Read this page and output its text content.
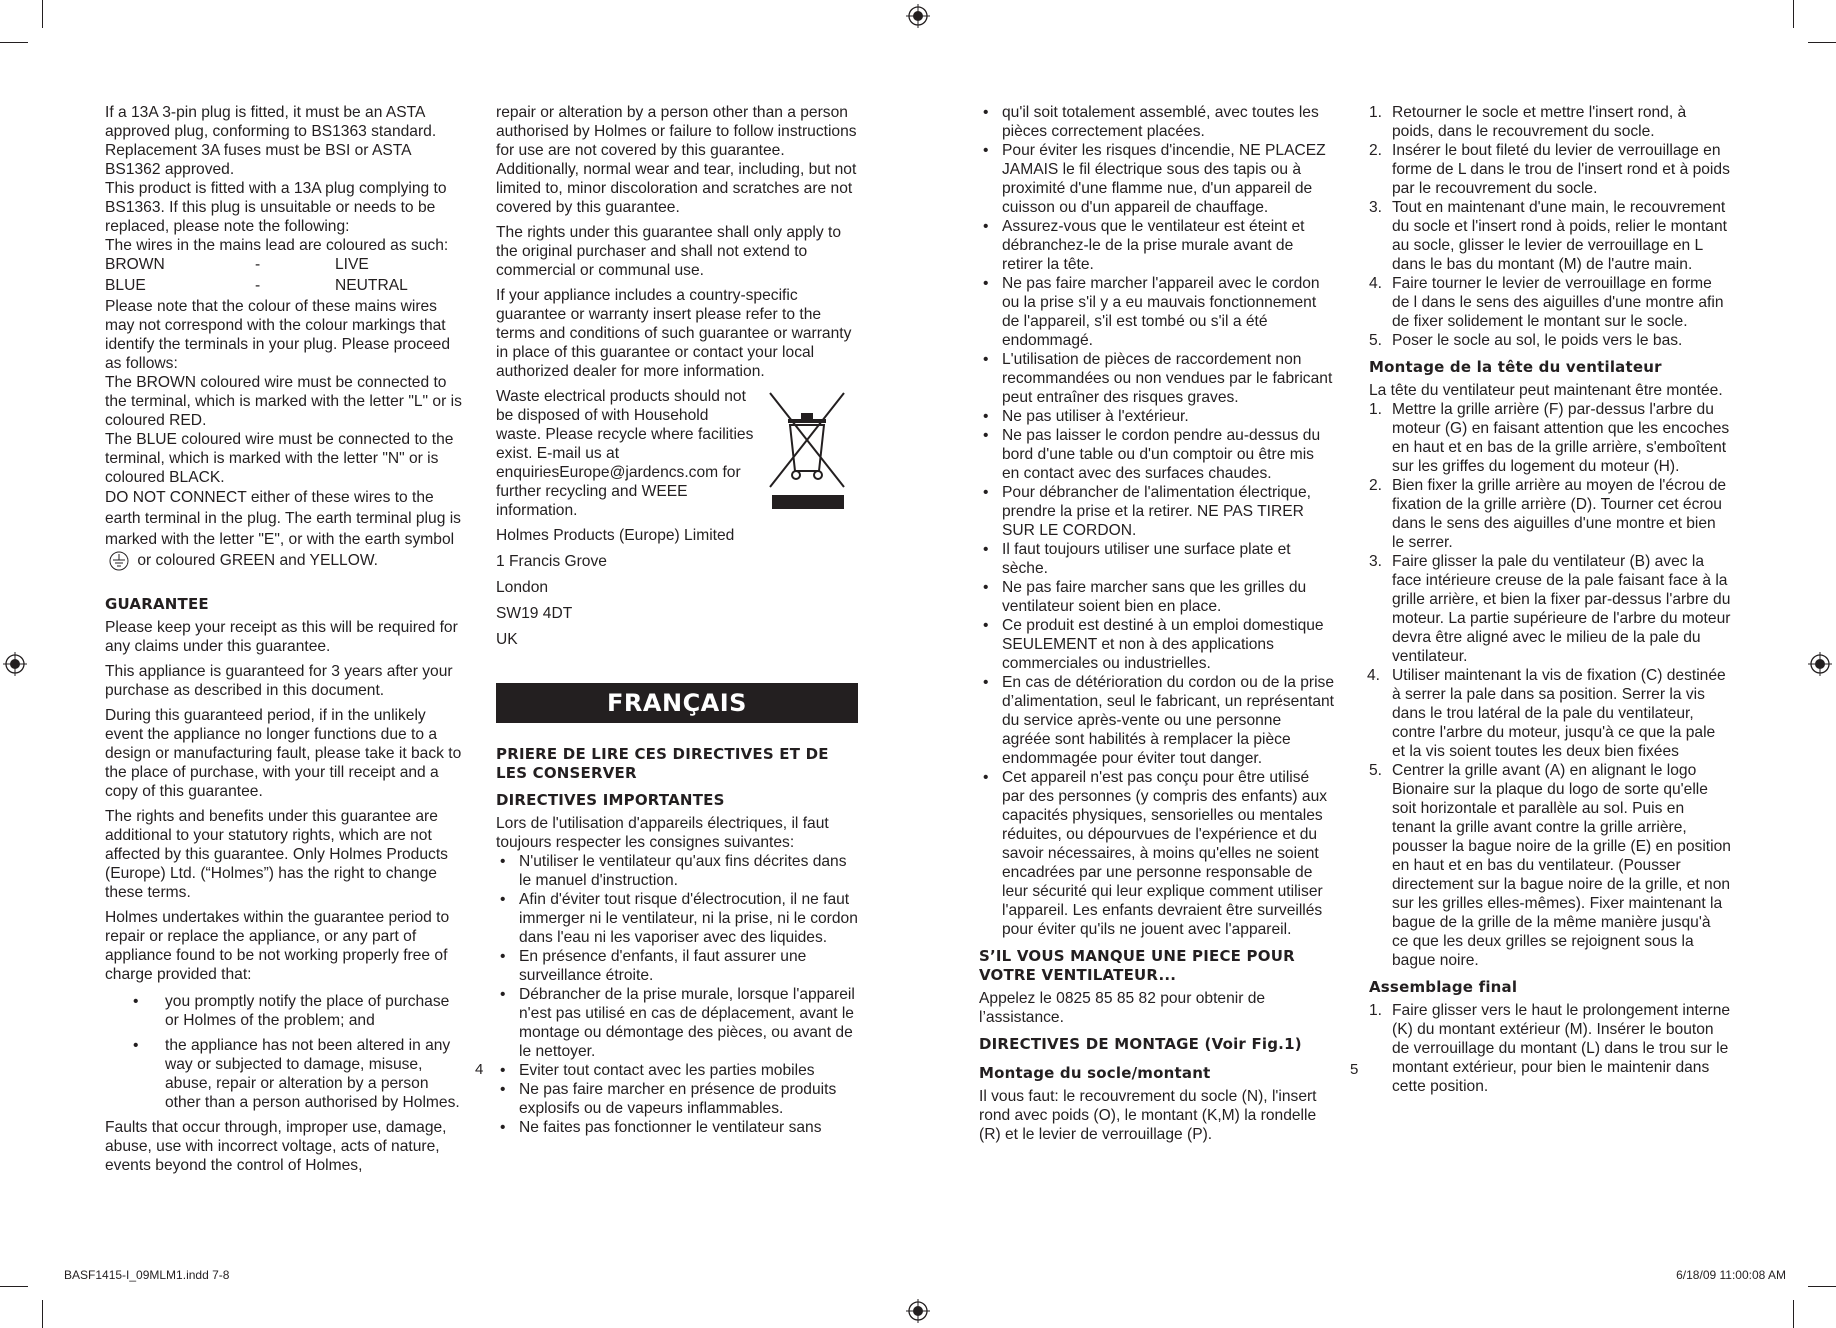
If a 13A 3-pin plug is fitted, it must be an ASTA approved plug, conforming to BS1363 standard. Replacement 3A fuses must be BSI or ASTA BS1362 approved.

This product is fitted with a 13A plug complying to BS1363. If this plug is unsuitable or needs to be replaced, please note the following:

The wires in the mains lead are coloured as such:

BROWN	-	LIVE
BLUE	-	NEUTRAL

Please note that the colour of these mains wires may not correspond with the colour markings that identify the terminals in your plug. Please proceed as follows:

The BROWN coloured wire must be connected to the terminal, which is marked with the letter "L" or is coloured RED.

The BLUE coloured wire must be connected to the terminal, which is marked with the letter "N" or is coloured BLACK.

DO NOT CONNECT either of these wires to the earth terminal in the plug. The earth terminal plug is marked with the letter "E", or with the earth symbol  or coloured GREEN and YELLOW.

GUARANTEE

Please keep your receipt as this will be required for any claims under this guarantee.

This appliance is guaranteed for 3 years after your purchase as described in this document.

During this guaranteed period, if in the unlikely event the appliance no longer functions due to a design or manufacturing fault, please take it back to the place of purchase, with your till receipt and a copy of this guarantee.

The rights and benefits under this guarantee are additional to your statutory rights, which are not affected by this guarantee. Only Holmes Products (Europe) Ltd. (“Holmes”) has the right to change these terms.

Holmes undertakes within the guarantee period to repair or replace the appliance, or any part of appliance found to be not working properly free of charge provided that:

• you promptly notify the place of purchase or Holmes of the problem; and
• the appliance has not been altered in any way or subjected to damage, misuse, abuse, repair or alteration by a person other than a person authorised by Holmes.

Faults that occur through, improper use, damage, abuse, use with incorrect voltage, acts of nature, events beyond the control of Holmes,

repair or alteration by a person other than a person authorised by Holmes or failure to follow instructions for use are not covered by this guarantee. Additionally, normal wear and tear, including, but not limited to, minor discoloration and scratches are not covered by this guarantee.

The rights under this guarantee shall only apply to the original purchaser and shall not extend to commercial or communal use.

If your appliance includes a country-specific guarantee or warranty insert please refer to the terms and conditions of such guarantee or warranty in place of this guarantee or contact your local authorized dealer for more information.

Waste electrical products should not be disposed of with Household waste. Please recycle where facilities exist. E-mail us at enquiriesEurope@jardencs.com for further recycling and WEEE information.

Holmes Products (Europe) Limited

1 Francis Grove

London

SW19 4DT

UK

FRANÇAIS
PRIERE DE LIRE CES DIRECTIVES ET DE LES CONSERVER
DIRECTIVES IMPORTANTES

Lors de l'utilisation d'appareils électriques, il faut toujours respecter les consignes suivantes:

• N'utiliser le ventilateur qu'aux fins décrites dans le manuel d'instruction.
• Afin d'éviter tout risque d'électrocution, il ne faut immerger ni le ventilateur, ni la prise, ni le cordon dans l'eau ni les vaporiser avec des liquides.
• En présence d'enfants, il faut assurer une surveillance étroite.
• Débrancher de la prise murale, lorsque l'appareil n'est pas utilisé en cas de déplacement, avant le montage ou démontage des pièces, ou avant de le nettoyer.
• Eviter tout contact avec les parties mobiles
• Ne pas faire marcher en présence de produits explosifs ou de vapeurs inflammables.
• Ne faites pas fonctionner le ventilateur sans
• qu'il soit totalement assemblé, avec toutes les pièces correctement placées.
• Pour éviter les risques d'incendie, NE PLACEZ JAMAIS le fil électrique sous des tapis ou à proximité d'une flamme nue, d'un appareil de cuisson ou d'un appareil de chauffage.
• Assurez-vous que le ventilateur est éteint et débranchez-le de la prise murale avant de retirer la tête.
• Ne pas faire marcher l'appareil avec le cordon ou la prise s'il y a eu mauvais fonctionnement de l'appareil, s'il est tombé ou s'il a été endommagé.
• L'utilisation de pièces de raccordement non recommandées ou non vendues par le fabricant peut entraîner des risques graves.
• Ne pas utiliser à l'extérieur.
• Ne pas laisser le cordon pendre au-dessus du bord d'une table ou d'un comptoir ou être mis en contact avec des surfaces chaudes.
• Pour débrancher de l'alimentation électrique, prendre la prise et la retirer. NE PAS TIRER SUR LE CORDON.
• Il faut toujours utiliser une surface plate et sèche.
• Ne pas faire marcher sans que les grilles du ventilateur soient bien en place.
• Ce produit est destiné à un emploi domestique SEULEMENT et non à des applications commerciales ou industrielles.
• En cas de détérioration du cordon ou de la prise d’alimentation, seul le fabricant, un représentant du service après-vente ou une personne agréée sont habilités à remplacer la pièce endommagée pour éviter tout danger.
• Cet appareil n'est pas conçu pour être utilisé par des personnes (y compris des enfants) aux capacités physiques, sensorielles ou mentales réduites, ou dépourvues de l'expérience et du savoir nécessaires, à moins qu'elles ne soient encadrées par une personne responsable de leur sécurité qui leur explique comment utiliser l'appareil. Les enfants devraient être surveillés pour éviter qu'ils ne jouent avec l'appareil.
S’IL VOUS MANQUE UNE PIECE POUR VOTRE VENTILATEUR...

Appelez le 0825 85 85 82 pour obtenir de l’assistance.

DIRECTIVES DE MONTAGE (Voir Fig.1)
Montage du socle/montant

Il vous faut: le recouvrement du socle (N), l'insert rond avec poids (O), le montant (K,M) la rondelle (R) et le levier de verrouillage (P).

1. Retourner le socle et mettre l'insert rond, à poids, dans le recouvrement du socle.
2. Insérer le bout fileté du levier de verrouillage en forme de L dans le trou de l'insert rond et à poids par le recouvrement du socle.
3. Tout en maintenant d'une main, le recouvrement du socle et l'insert rond à poids, relier le montant au socle, glisser le levier de verrouillage en L dans le bas du montant (M) de l'autre main.
4. Faire tourner le levier de verrouillage en forme de l dans le sens des aiguilles d'une montre afin de fixer solidement le montant sur le socle.
5. Poser le socle au sol, le poids vers le bas.
Montage de la tête du ventilateur

La tête du ventilateur peut maintenant être montée.

1. Mettre la grille arrière (F) par-dessus l'arbre du moteur (G) en faisant attention que les encoches en haut et en bas de la grille arrière, s'emboîtent sur les griffes du logement du moteur (H).
2. Bien fixer la grille arrière au moyen de l'écrou de fixation de la grille arrière (D). Tourner cet écrou dans le sens des aiguilles d'une montre et bien le serrer.
3. Faire glisser la pale du ventilateur (B) avec la face intérieure creuse de la pale faisant face à la grille arrière, et bien la fixer par-dessus l'arbre du moteur. La partie supérieure de l'arbre du moteur devra être aligné avec le milieu de la pale du ventilateur.
4. Utiliser maintenant la vis de fixation (C) destinée à serrer la pale dans sa position. Serrer la vis dans le trou latéral de la pale du ventilateur, contre l'arbre du moteur, jusqu'à ce que la pale et la vis soient toutes les deux bien fixées
5. Centrer la grille avant (A) en alignant le logo Bionaire sur la plaque du logo de sorte qu'elle soit horizontale et parallèle au sol. Puis en tenant la grille avant contre la grille arrière, pousser la bague noire de la grille (E) en position en haut et en bas du ventilateur. (Pousser directement sur la bague noire de la grille, et non sur les grilles elles-mêmes). Fixer maintenant la bague de la grille de la même manière jusqu'à ce que les deux grilles se rejoignent sous la bague noire.
Assemblage final
1. Faire glisser vers le haut le prolongement interne (K) du montant extérieur (M). Insérer le bouton de verrouillage du montant (L) dans le trou sur le montant extérieur, pour bien le maintenir dans cette position.
4	5
BASF1415-I_09MLM1.indd 7-8	6/18/09 11:00:08 AM
